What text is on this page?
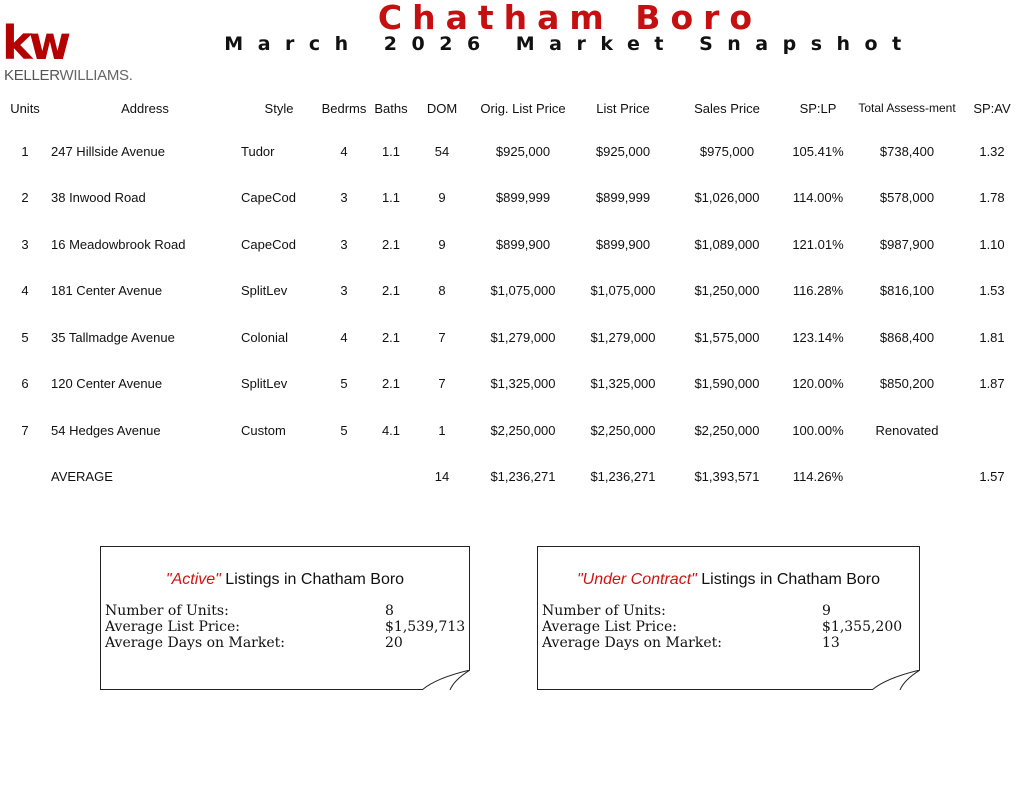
kw
KELLERWILLIAMS.
Chatham Boro
March 2026 Market Snapshot
Units	Address	Style	Bedrms	Baths	DOM	Orig. List Price	List Price	Sales Price	SP:LP	Total Assess-ment	SP:AV
1	247 Hillside Avenue	Tudor	4	1.1	54	$925,000	$925,000	$975,000	105.41%	$738,400	1.32
2	38 Inwood Road	CapeCod	3	1.1	9	$899,999	$899,999	$1,026,000	114.00%	$578,000	1.78
3	16 Meadowbrook Road	CapeCod	3	2.1	9	$899,900	$899,900	$1,089,000	121.01%	$987,900	1.10
4	181 Center Avenue	SplitLev	3	2.1	8	$1,075,000	$1,075,000	$1,250,000	116.28%	$816,100	1.53
5	35 Tallmadge Avenue	Colonial	4	2.1	7	$1,279,000	$1,279,000	$1,575,000	123.14%	$868,400	1.81
6	120 Center Avenue	SplitLev	5	2.1	7	$1,325,000	$1,325,000	$1,590,000	120.00%	$850,200	1.87
7	54 Hedges Avenue	Custom	5	4.1	1	$2,250,000	$2,250,000	$2,250,000	100.00%	Renovated	
	AVERAGE				14	$1,236,271	$1,236,271	$1,393,571	114.26%		1.57
"Active" Listings in Chatham Boro
Number of Units:	8
Average List Price:	$1,539,713
Average Days on Market:	20
"Under Contract" Listings in Chatham Boro
Number of Units:	9
Average List Price:	$1,355,200
Average Days on Market:	13
